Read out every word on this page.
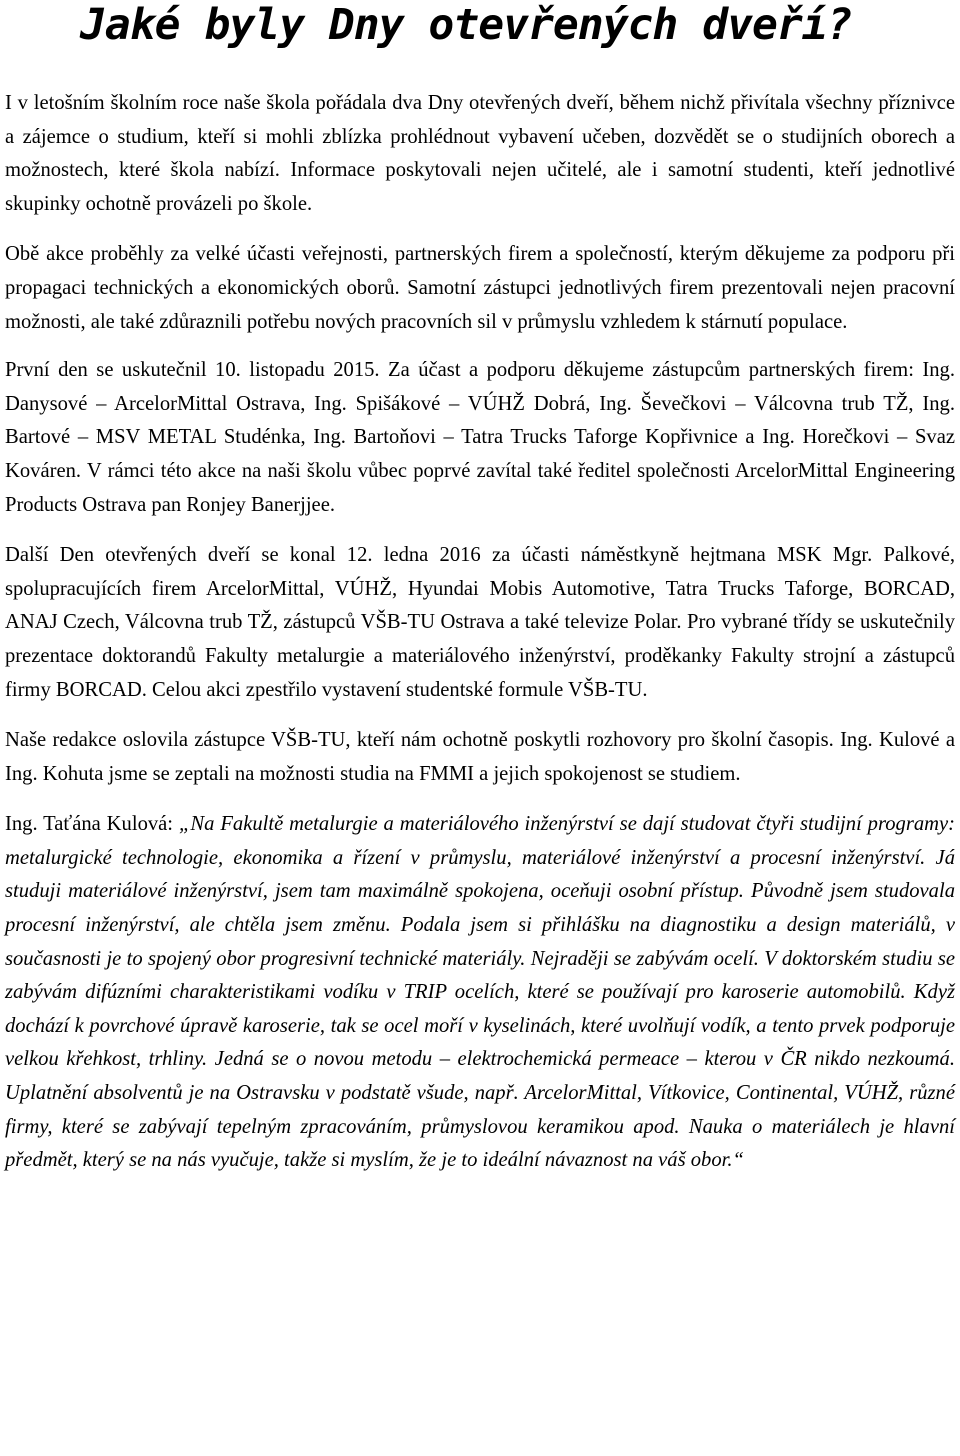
Jaké byly Dny otevřených dveří?

I v letošním školním roce naše škola pořádala dva Dny otevřených dveří, během nichž přivítala všechny příznivce a zájemce o studium, kteří si mohli zblízka prohlédnout vybavení učeben, dozvědět se o studijních oborech a možnostech, které škola nabízí. Informace poskytovali nejen učitelé, ale i samotní studenti, kteří jednotlivé skupinky ochotně provázeli po škole.

Obě akce proběhly za velké účasti veřejnosti, partnerských firem a společností, kterým děkujeme za podporu při propagaci technických a ekonomických oborů. Samotní zástupci jednotlivých firem prezentovali nejen pracovní možnosti, ale také zdůraznili potřebu nových pracovních sil v průmyslu vzhledem k stárnutí populace.

První den se uskutečnil 10. listopadu 2015. Za účast a podporu děkujeme zástupcům partnerských firem: Ing. Danysové – ArcelorMittal Ostrava, Ing. Spišákové – VÚHŽ Dobrá, Ing. Ševečkovi – Válcovna trub TŽ, Ing. Bartové – MSV METAL Studénka, Ing. Bartoňovi – Tatra Trucks Taforge Kopřivnice a Ing. Horečkovi – Svaz Kováren. V rámci této akce na naši školu vůbec poprvé zavítal také ředitel společnosti ArcelorMittal Engineering Products Ostrava pan Ronjey Banerjjee.

Další Den otevřených dveří se konal 12. ledna 2016 za účasti náměstkyně hejtmana MSK Mgr. Palkové, spolupracujících firem ArcelorMittal, VÚHŽ, Hyundai Mobis Automotive, Tatra Trucks Taforge, BORCAD, ANAJ Czech, Válcovna trub TŽ, zástupců VŠB-TU Ostrava a také televize Polar. Pro vybrané třídy se uskutečnily prezentace doktorandů Fakulty metalurgie a materiálového inženýrství, proděkanky Fakulty strojní a zástupců firmy BORCAD. Celou akci zpestřilo vystavení studentské formule VŠB-TU.

Naše redakce oslovila zástupce VŠB-TU, kteří nám ochotně poskytli rozhovory pro školní časopis. Ing. Kulové a Ing. Kohuta jsme se zeptali na možnosti studia na FMMI a jejich spokojenost se studiem.

Ing. Taťána Kulová: „Na Fakultě metalurgie a materiálového inženýrství se dají studovat čtyři studijní programy: metalurgické technologie, ekonomika a řízení v průmyslu, materiálové inženýrství a procesní inženýrství. Já studuji materiálové inženýrství, jsem tam maximálně spokojena, oceňuji osobní přístup. Původně jsem studovala procesní inženýrství, ale chtěla jsem změnu. Podala jsem si přihlášku na diagnostiku a design materiálů, v současnosti je to spojený obor progresivní technické materiály. Nejraději se zabývám ocelí. V doktorském studiu se zabývám difúzními charakteristikami vodíku v TRIP ocelích, které se používají pro karoserie automobilů. Když dochází k povrchové úpravě karoserie, tak se ocel moří v kyselinách, které uvolňují vodík, a tento prvek podporuje velkou křehkost, trhliny. Jedná se o novou metodu – elektrochemická permeace – kterou v ČR nikdo nezkoumá. Uplatnění absolventů je na Ostravsku v podstatě všude, např. ArcelorMittal, Vítkovice, Continental, VÚHŽ, různé firmy, které se zabývají tepelným zpracováním, průmyslovou keramikou apod. Nauka o materiálech je hlavní předmět, který se na nás vyučuje, takže si myslím, že je to ideální návaznost na váš obor.“
